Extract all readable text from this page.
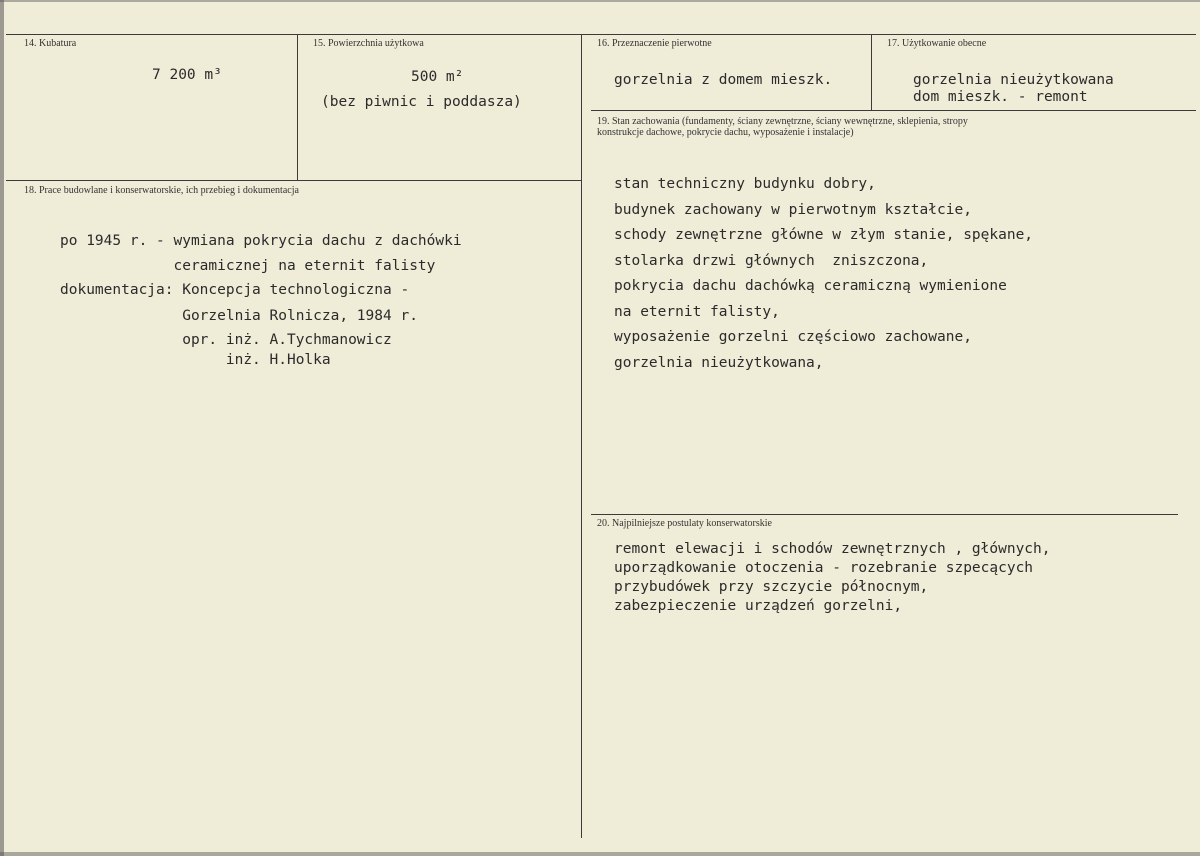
14. Kubatura
7 200 m³
15. Powierzchnia użytkowa
500 m²
(bez piwnic i poddasza)
16. Przeznaczenie pierwotne
gorzelnia z domem mieszk.
17. Użytkowanie obecne
gorzelnia nieużytkowana
dom mieszk. - remont
18. Prace budowlane i konserwatorskie, ich przebieg i dokumentacja
po 1945 r. - wymiana pokrycia dachu z dachówki
ceramicznej na eternit falisty
dokumentacja: Koncepcja technologiczna -
Gorzelnia Rolnicza, 1984 r.
opr. inż. A.Tychmanowicz
inż. H.Holka
19. Stan zachowania (fundamenty, ściany zewnętrzne, ściany wewnętrzne, sklepienia, stropy
konstrukcje dachowe, pokrycie dachu, wyposażenie i instalacje)
stan techniczny budynku dobry,
budynek zachowany w pierwotnym kształcie,
schody zewnętrzne główne w złym stanie, spękane,
stolarka drzwi głównych  zniszczona,
pokrycia dachu dachówką ceramiczną wymienione
na eternit falisty,
wyposażenie gorzelni częściowo zachowane,
gorzelnia nieużytkowana,
20. Najpilniejsze postulaty konserwatorskie
remont elewacji i schodów zewnętrznych , głównych,
uporządkowanie otoczenia - rozebranie szpecących
przybudówek przy szczycie północnym,
zabezpieczenie urządzeń gorzelni,
